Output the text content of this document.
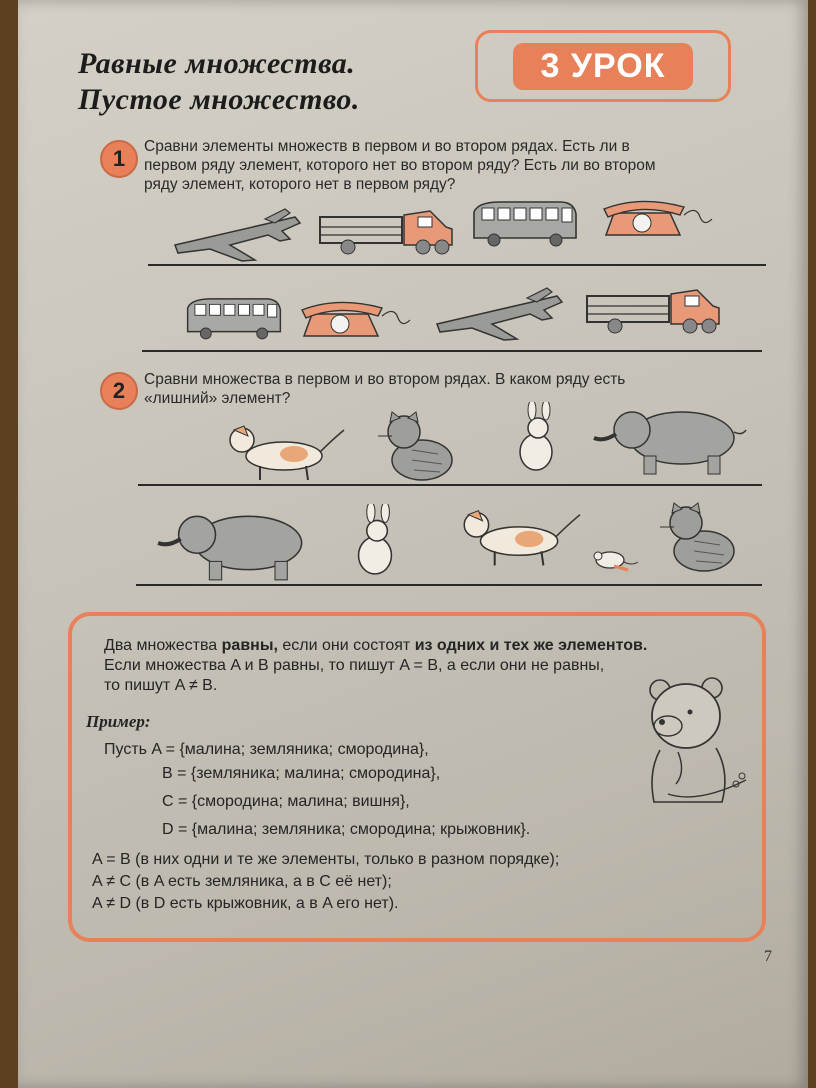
Равные множества.
Пустое множество.
3 УРОК
1	Сравни элементы множеств в первом и во втором рядах. Есть ли в
первом ряду элемент, которого нет во втором ряду? Есть ли во втором
ряду элемент, которого нет в первом ряду?

2	Сравни множества в первом и во втором рядах. В каком ряду есть
«лишний» элемент?

Два множества равны, если они состоят из одних и тех же элементов.

Если множества A и B равны, то пишут A = B, а если они не равны,

то пишут A ≠ B.

Пример:

Пусть A = {малина; земляника; смородина},

B = {земляника; малина; смородина},

C = {смородина; малина; вишня},

D = {малина; земляника; смородина; крыжовник}.

A = B (в них одни и те же элементы, только в разном порядке);

A ≠ C (в A есть земляника, а в C её нет);

A ≠ D (в D есть крыжовник, а в A его нет).

7
